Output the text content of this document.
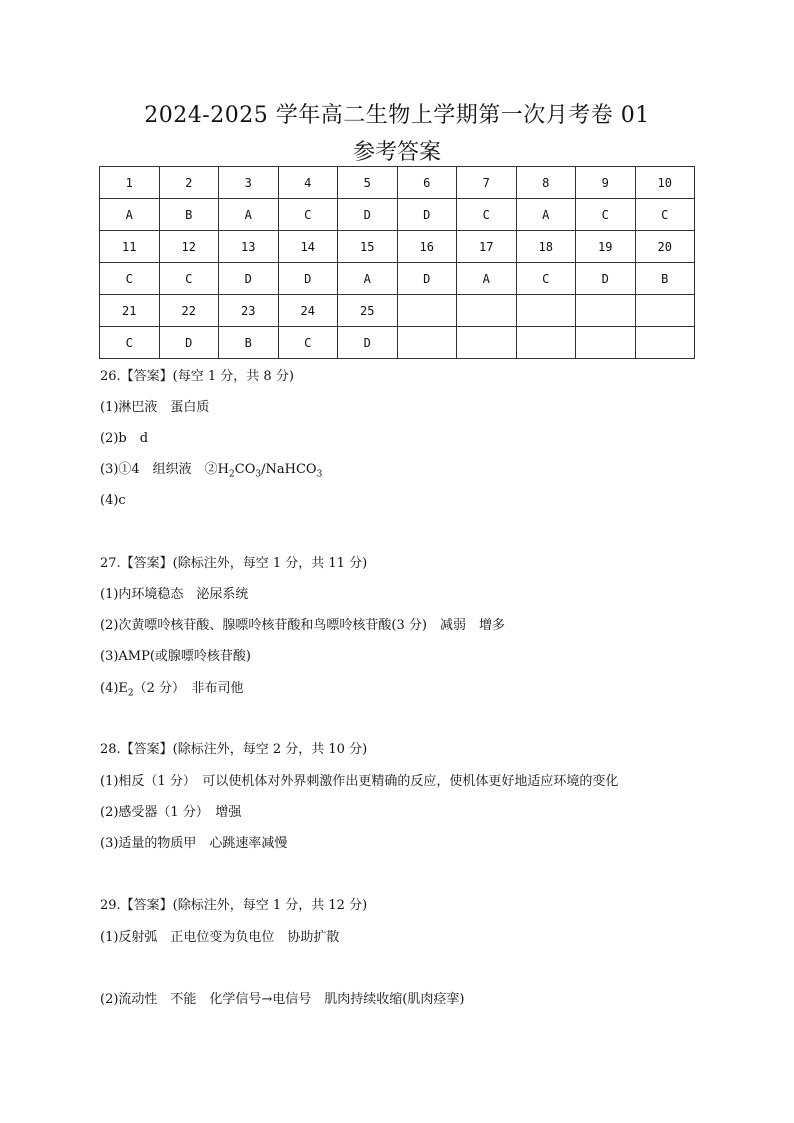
2024-2025 学年高二生物上学期第一次月考卷 01
参考答案
1	2	3	4	5	6	7	8	9	10
A	B	A	C	D	D	C	A	C	C
11	12	13	14	15	16	17	18	19	20
C	C	D	D	A	D	A	C	D	B
21	22	23	24	25					
C	D	B	C	D					
26.【答案】(每空 1 分，共 8 分)
(1)淋巴液　蛋白质
(2)b　d
(3)①4　组织液　$②H_2CO_3/NaHCO_3$
(4)c
27.【答案】(除标注外，每空 1 分，共 11 分)
(1)内环境稳态　泌尿系统
(2)次黄嘌呤核苷酸、腺嘌呤核苷酸和鸟嘌呤核苷酸(3 分)　减弱　增多
(3)AMP(或腺嘌呤核苷酸)
$(4)E_2(2$ 分）　非布司他
28.【答案】(除标注外，每空 2 分，共 10 分)
(1)相反（1 分）　可以使机体对外界刺激作出更精确的反应，使机体更好地适应环境的变化
(2)感受器（1 分）　增强
(3)适量的物质甲　心跳速率减慢
29.【答案】(除标注外，每空 1 分，共 12 分)
(1)反射弧　正电位变为负电位　协助扩散
(2)流动性　不能　化学信号→电信号　肌肉持续收缩(肌肉痉挛)
